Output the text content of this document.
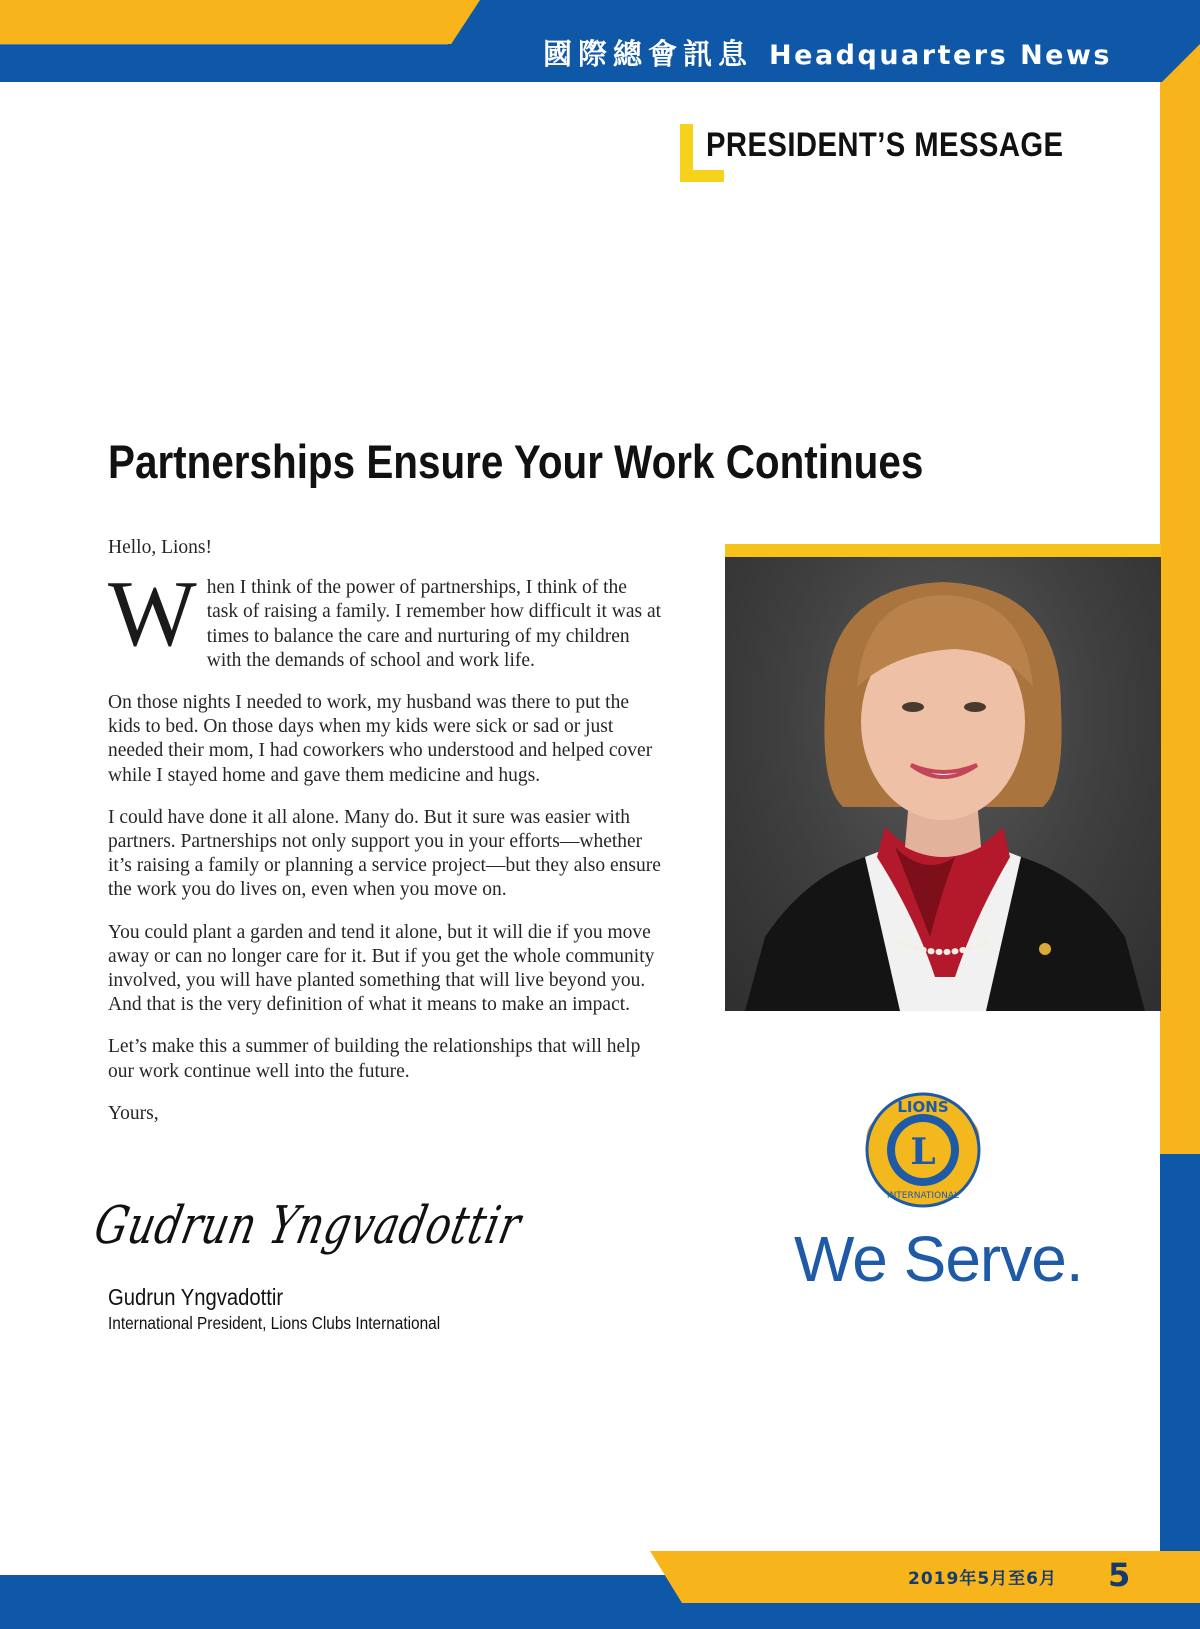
國際總會訊息 Headquarters News
PRESIDENT’S MESSAGE
Partnerships Ensure Your Work Continues

Hello, Lions!

When I think of the power of partnerships, I think of the task of raising a family. I remember how difficult it was at times to balance the care and nurturing of my children with the demands of school and work life.

On those nights I needed to work, my husband was there to put the kids to bed. On those days when my kids were sick or sad or just needed their mom, I had coworkers who understood and helped cover while I stayed home and gave them medicine and hugs.

I could have done it all alone. Many do. But it sure was easier with partners. Partnerships not only support you in your efforts—whether it’s raising a family or planning a service project—but they also ensure the work you do lives on, even when you move on.

You could plant a garden and tend it alone, but it will die if you move away or can no longer care for it. But if you get the whole community involved, you will have planted something that will live beyond you. And that is the very definition of what it means to make an impact.

Let’s make this a summer of building the relationships that will help our work continue well into the future.

Yours,

Gudrun Yngvadottir
Gudrun Yngvadottir
International President, Lions Clubs International
LIONS
INTERNATIONAL
L
We Serve.
2019年5月至6月 5
